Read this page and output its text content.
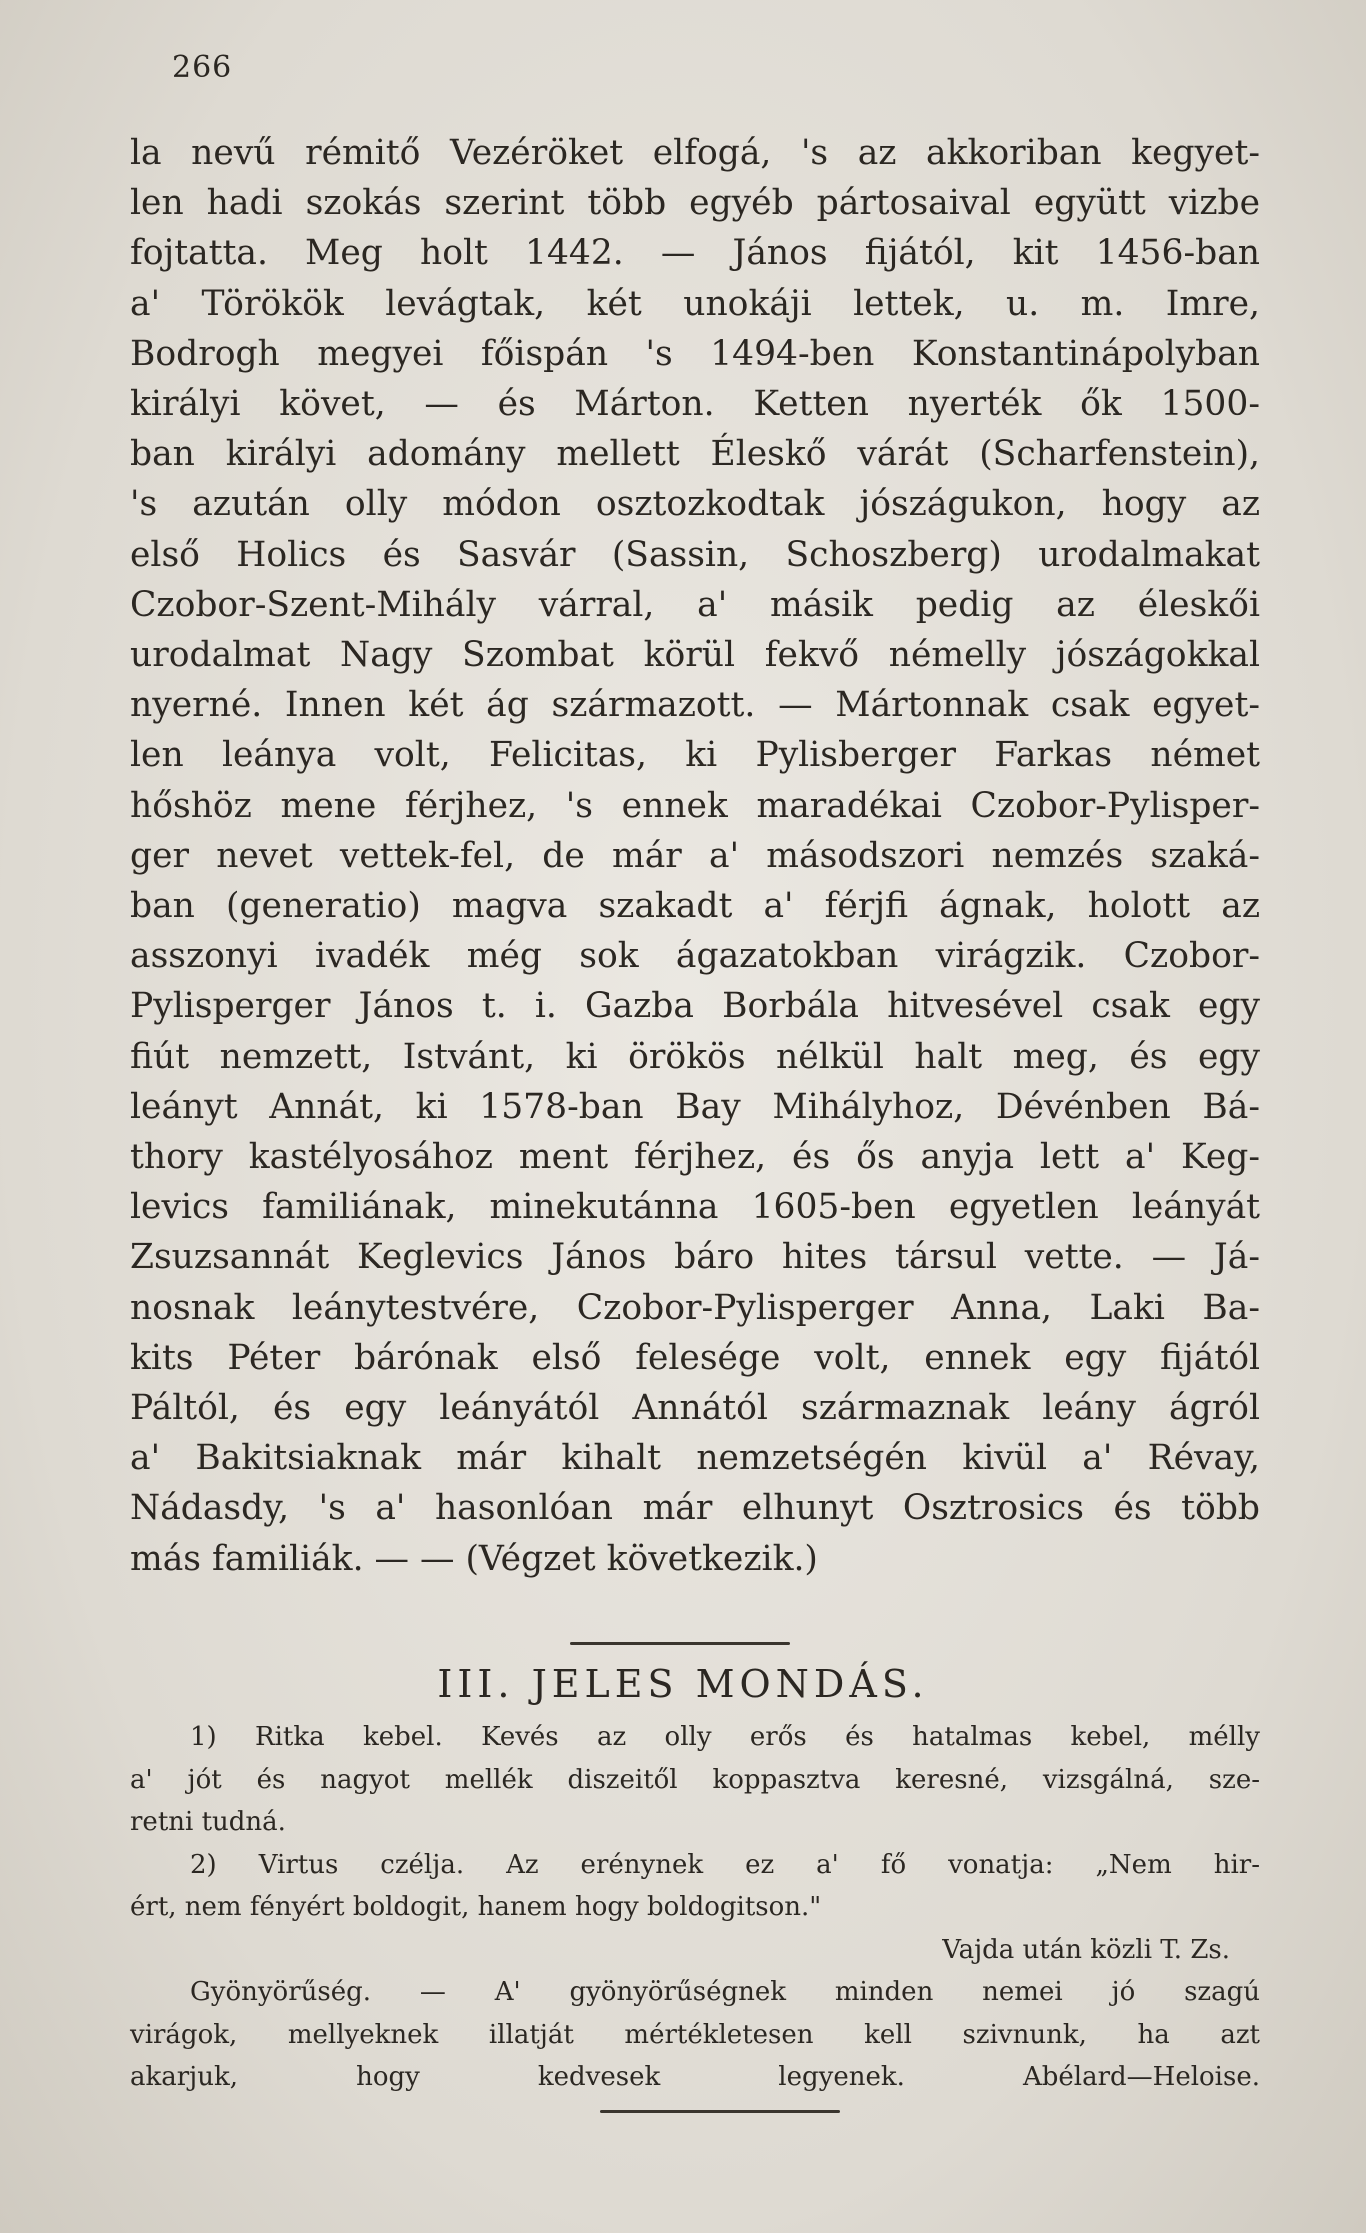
266
la nevű rémitő Vezéröket elfogá, 's az akkoriban kegyet-
len hadi szokás szerint több egyéb pártosaival együtt vizbe
fojtatta. Meg holt 1442. — János fijától, kit 1456-ban
a' Törökök levágtak, két unokáji lettek, u. m. Imre,
Bodrogh megyei főispán 's 1494-ben Konstantinápolyban
királyi követ, — és Márton. Ketten nyerték ők 1500-
ban királyi adomány mellett Éleskő várát (Scharfenstein),
's azután olly módon osztozkodtak jószágukon, hogy az
első Holics és Sasvár (Sassin, Schoszberg) urodalmakat
Czobor-Szent-Mihály várral, a' másik pedig az éleskői
urodalmat Nagy Szombat körül fekvő némelly jószágokkal
nyerné. Innen két ág származott. — Mártonnak csak egyet-
len leánya volt, Felicitas, ki Pylisberger Farkas német
hőshöz mene férjhez, 's ennek maradékai Czobor-Pylisper-
ger nevet vettek-fel, de már a' másodszori nemzés szaká-
ban (generatio) magva szakadt a' férjfi ágnak, holott az
asszonyi ivadék még sok ágazatokban virágzik. Czobor-
Pylisperger János t. i. Gazba Borbála hitvesével csak egy
fiút nemzett, Istvánt, ki örökös nélkül halt meg, és egy
leányt Annát, ki 1578-ban Bay Mihályhoz, Dévénben Bá-
thory kastélyosához ment férjhez, és ős anyja lett a' Keg-
levics familiának, minekutánna 1605-ben egyetlen leányát
Zsuzsannát Keglevics János báro hites társul vette. — Já-
nosnak leánytestvére, Czobor-Pylisperger Anna, Laki Ba-
kits Péter bárónak első felesége volt, ennek egy fijától
Páltól, és egy leányától Annától származnak leány ágról
a' Bakitsiaknak már kihalt nemzetségén kivül a' Révay,
Nádasdy, 's a' hasonlóan már elhunyt Osztrosics és több
más familiák. — — (Végzet következik.)
III. JELES MONDÁS.
1) Ritka kebel. Kevés az olly erős és hatalmas kebel, mélly
a' jót és nagyot mellék diszeitől koppasztva keresné, vizsgálná, sze-
retni tudná.
2) Virtus czélja. Az erénynek ez a' fő vonatja: „Nem hir-
ért, nem fényért boldogit, hanem hogy boldogitson."
Vajda után közli T. Zs.
Gyönyörűség. — A' gyönyörűségnek minden nemei jó szagú
virágok, mellyeknek illatját mértékletesen kell szivnunk, ha azt
akarjuk, hogy kedvesek legyenek. Abélard—Heloise.
